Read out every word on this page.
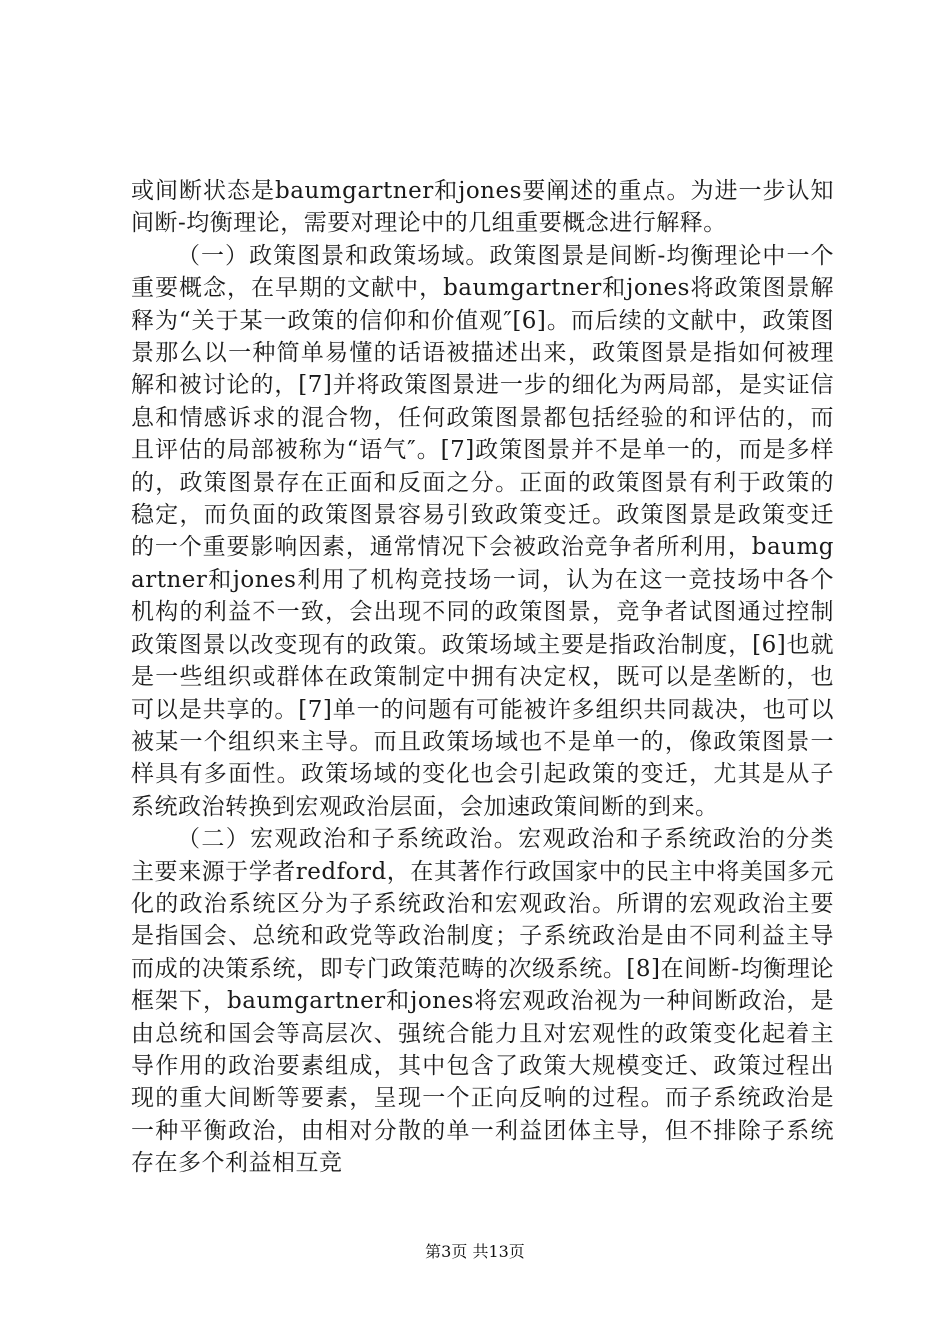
或间断状态是baumgartner和jones要阐述的重点。为进一步认知间断-均衡理论，需要对理论中的几组重要概念进行解释。

（一）政策图景和政策场域。政策图景是间断-均衡理论中一个重要概念，在早期的文献中，baumgartner和jones将政策图景解释为“关于某一政策的信仰和价值观″[6]。而后续的文献中，政策图景那么以一种简单易懂的话语被描述出来，政策图景是指如何被理解和被讨论的，[7]并将政策图景进一步的细化为两局部，是实证信息和情感诉求的混合物，任何政策图景都包括经验的和评估的，而且评估的局部被称为“语气″。[7]政策图景并不是单一的，而是多样的，政策图景存在正面和反面之分。正面的政策图景有利于政策的稳定，而负面的政策图景容易引致政策变迁。政策图景是政策变迁的一个重要影响因素，通常情况下会被政治竞争者所利用，baumgartner和jones利用了机构竞技场一词，认为在这一竞技场中各个机构的利益不一致，会出现不同的政策图景，竞争者试图通过控制政策图景以改变现有的政策。政策场域主要是指政治制度，[6]也就是一些组织或群体在政策制定中拥有决定权，既可以是垄断的，也可以是共享的。[7]单一的问题有可能被许多组织共同裁决，也可以被某一个组织来主导。而且政策场域也不是单一的，像政策图景一样具有多面性。政策场域的变化也会引起政策的变迁，尤其是从子系统政治转换到宏观政治层面，会加速政策间断的到来。

（二）宏观政治和子系统政治。宏观政治和子系统政治的分类主要来源于学者redford，在其著作行政国家中的民主中将美国多元化的政治系统区分为子系统政治和宏观政治。所谓的宏观政治主要是指国会、总统和政党等政治制度；子系统政治是由不同利益主导而成的决策系统，即专门政策范畴的次级系统。[8]在间断-均衡理论框架下，baumgartner和jones将宏观政治视为一种间断政治，是由总统和国会等高层次、强统合能力且对宏观性的政策变化起着主导作用的政治要素组成，其中包含了政策大规模变迁、政策过程出现的重大间断等要素，呈现一个正向反响的过程。而子系统政治是一种平衡政治，由相对分散的单一利益团体主导，但不排除子系统存在多个利益相互竞

第3页 共13页
